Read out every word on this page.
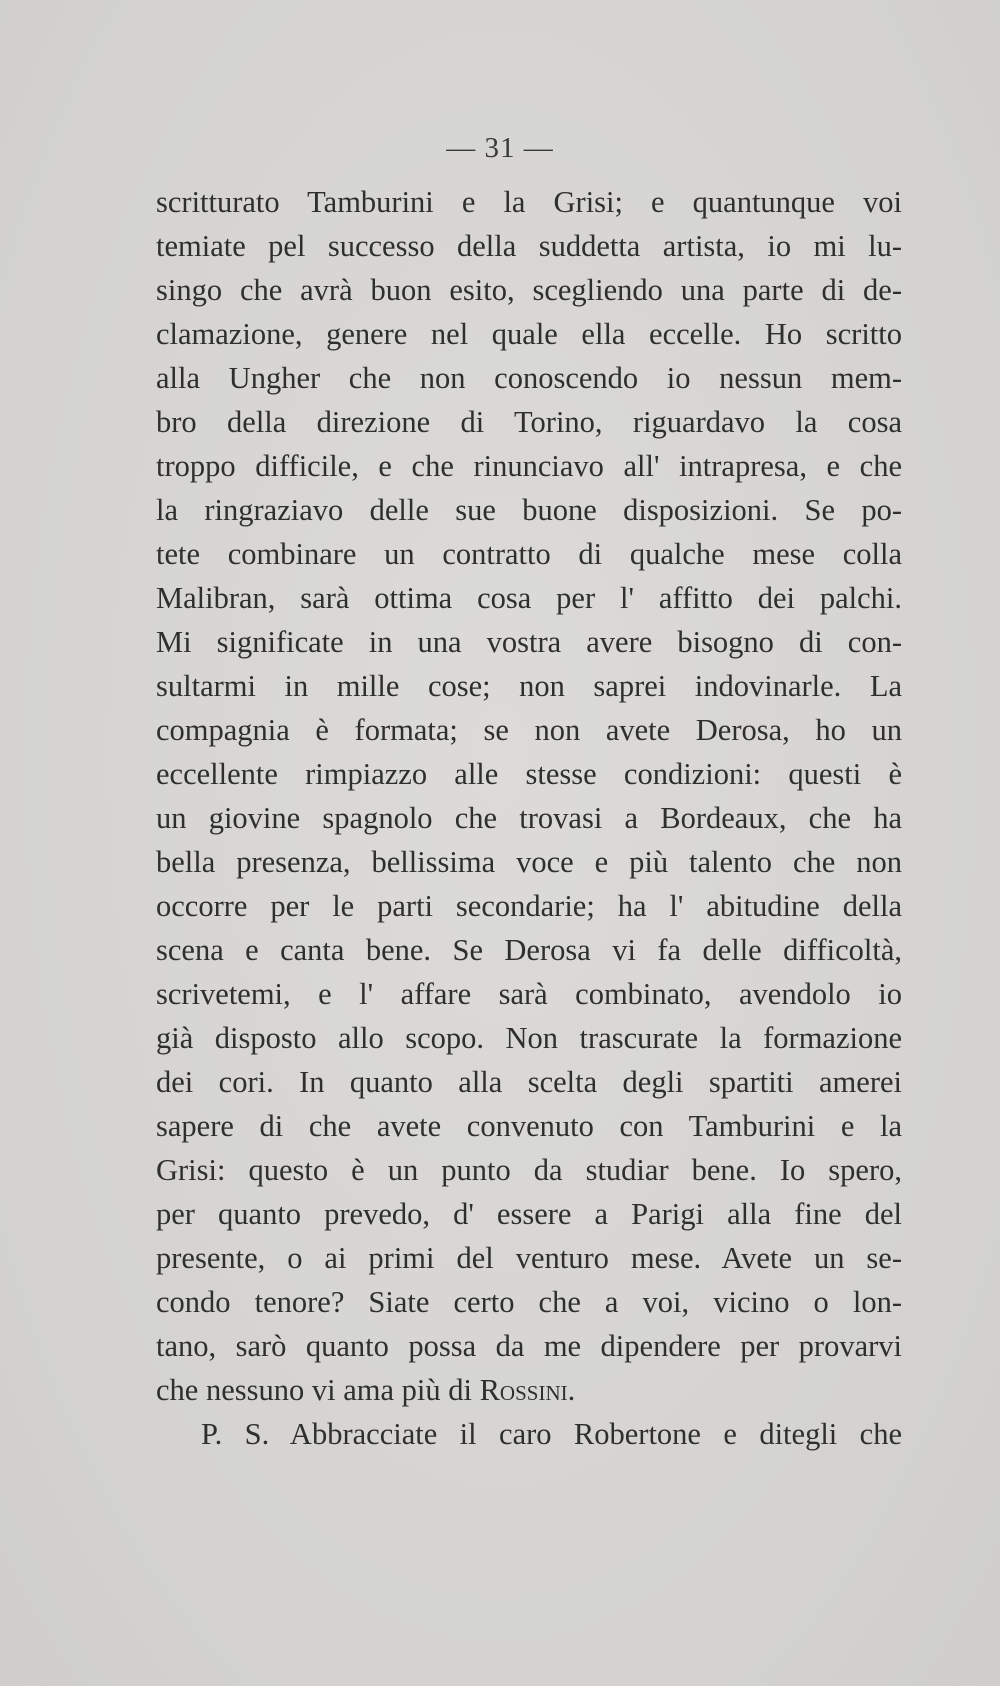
— 31 —
scritturato Tamburini e la Grisi; e quantunque voi
temiate pel successo della suddetta artista, io mi lu-
singo che avrà buon esito, scegliendo una parte di de-
clamazione, genere nel quale ella eccelle. Ho scritto
alla Ungher che non conoscendo io nessun mem-
bro della direzione di Torino, riguardavo la cosa
troppo difficile, e che rinunciavo all' intrapresa, e che
la ringraziavo delle sue buone disposizioni. Se po-
tete combinare un contratto di qualche mese colla
Malibran, sarà ottima cosa per l' affitto dei palchi.
Mi significate in una vostra avere bisogno di con-
sultarmi in mille cose; non saprei indovinarle. La
compagnia è formata; se non avete Derosa, ho un
eccellente rimpiazzo alle stesse condizioni: questi è
un giovine spagnolo che trovasi a Bordeaux, che ha
bella presenza, bellissima voce e più talento che non
occorre per le parti secondarie; ha l' abitudine della
scena e canta bene. Se Derosa vi fa delle difficoltà,
scrivetemi, e l' affare sarà combinato, avendolo io
già disposto allo scopo. Non trascurate la formazione
dei cori. In quanto alla scelta degli spartiti amerei
sapere di che avete convenuto con Tamburini e la
Grisi: questo è un punto da studiar bene. Io spero,
per quanto prevedo, d' essere a Parigi alla fine del
presente, o ai primi del venturo mese. Avete un se-
condo tenore? Siate certo che a voi, vicino o lon-
tano, sarò quanto possa da me dipendere per provarvi
che nessuno vi ama più di Rossini.
P. S. Abbracciate il caro Robertone e ditegli che
